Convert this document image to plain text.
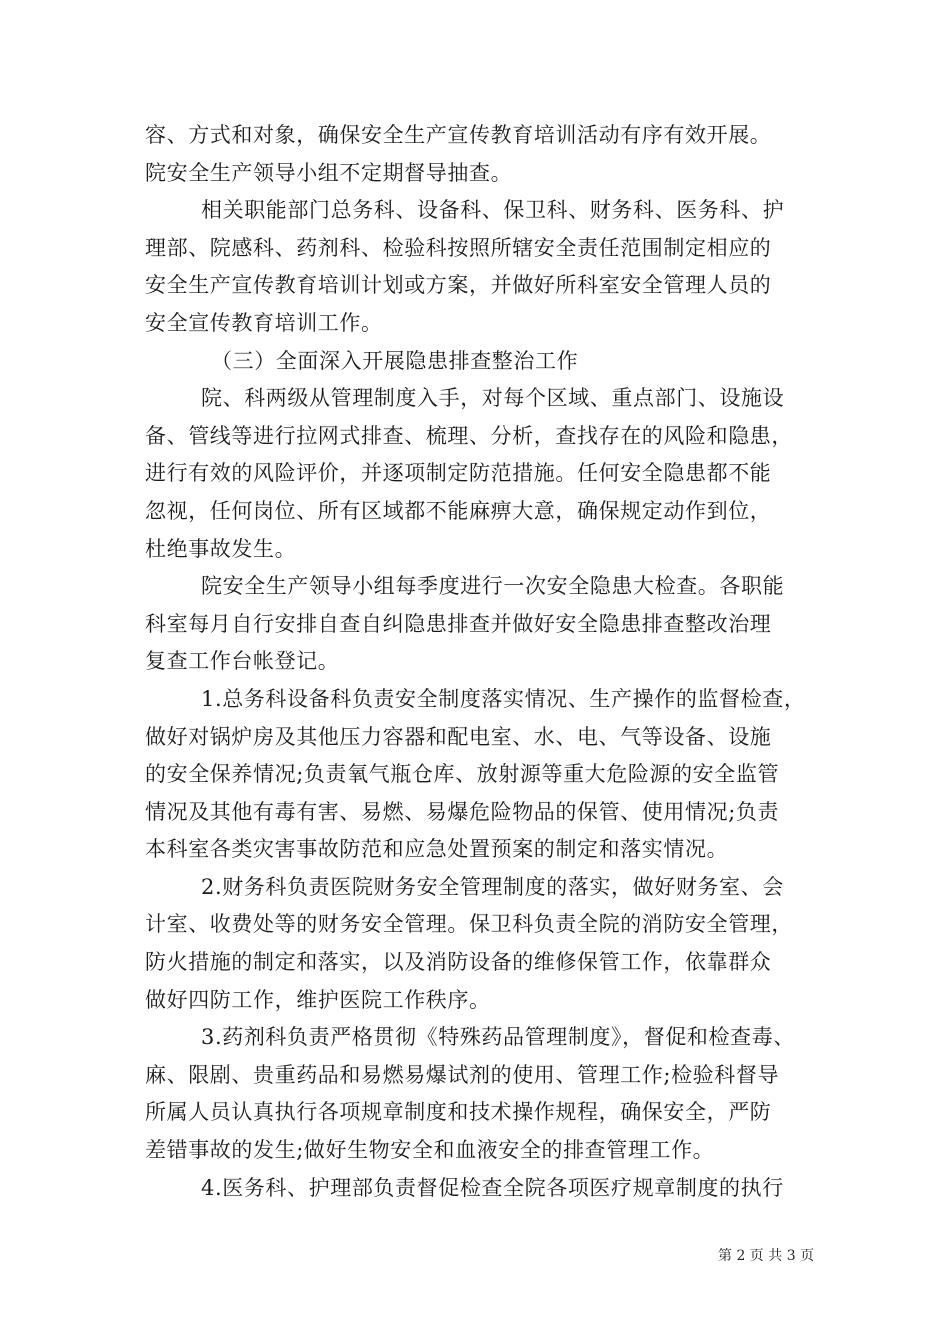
容、方式和对象，确保安全生产宣传教育培训活动有序有效开展。
院安全生产领导小组不定期督导抽查。
相关职能部门总务科、设备科、保卫科、财务科、医务科、护
理部、院感科、药剂科、检验科按照所辖安全责任范围制定相应的
安全生产宣传教育培训计划或方案，并做好所科室安全管理人员的
安全宣传教育培训工作。
（三）全面深入开展隐患排查整治工作
院、科两级从管理制度入手，对每个区域、重点部门、设施设
备、管线等进行拉网式排查、梳理、分析，查找存在的风险和隐患，
进行有效的风险评价，并逐项制定防范措施。任何安全隐患都不能
忽视，任何岗位、所有区域都不能麻痹大意，确保规定动作到位，
杜绝事故发生。
院安全生产领导小组每季度进行一次安全隐患大检查。各职能
科室每月自行安排自查自纠隐患排查并做好安全隐患排查整改治理
复查工作台帐登记。
1.总务科设备科负责安全制度落实情况、生产操作的监督检查，
做好对锅炉房及其他压力容器和配电室、水、电、气等设备、设施
的安全保养情况;负责氧气瓶仓库、放射源等重大危险源的安全监管
情况及其他有毒有害、易燃、易爆危险物品的保管、使用情况;负责
本科室各类灾害事故防范和应急处置预案的制定和落实情况。
2.财务科负责医院财务安全管理制度的落实，做好财务室、会
计室、收费处等的财务安全管理。保卫科负责全院的消防安全管理，
防火措施的制定和落实，以及消防设备的维修保管工作，依靠群众
做好四防工作，维护医院工作秩序。
3.药剂科负责严格贯彻《特殊药品管理制度》，督促和检查毒、
麻、限剧、贵重药品和易燃易爆试剂的使用、管理工作;检验科督导
所属人员认真执行各项规章制度和技术操作规程，确保安全，严防
差错事故的发生;做好生物安全和血液安全的排查管理工作。
4.医务科、护理部负责督促检查全院各项医疗规章制度的执行
第 2 页 共 3 页
